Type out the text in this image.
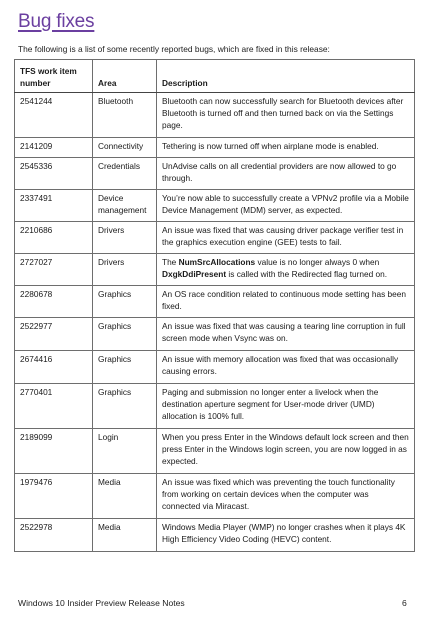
Bug fixes
The following is a list of some recently reported bugs, which are fixed in this release:
TFS work item number	Area	Description
2541244	Bluetooth	Bluetooth can now successfully search for Bluetooth devices after Bluetooth is turned off and then turned back on via the Settings page.
2141209	Connectivity	Tethering is now turned off when airplane mode is enabled.
2545336	Credentials	UnAdvise calls on all credential providers are now allowed to go through.
2337491	Device management	You’re now able to successfully create a VPNv2 profile via a Mobile Device Management (MDM) server, as expected.
2210686	Drivers	An issue was fixed that was causing driver package verifier test in the graphics execution engine (GEE) tests to fail.
2727027	Drivers	The NumSrcAllocations value is no longer always 0 when DxgkDdiPresent is called with the Redirected flag turned on.
2280678	Graphics	An OS race condition related to continuous mode setting has been fixed.
2522977	Graphics	An issue was fixed that was causing a tearing line corruption in full screen mode when Vsync was on.
2674416	Graphics	An issue with memory allocation was fixed that was occasionally causing errors.
2770401	Graphics	Paging and submission no longer enter a livelock when the destination aperture segment for User-mode driver (UMD) allocation is 100% full.
2189099	Login	When you press Enter in the Windows default lock screen and then press Enter in the Windows login screen, you are now logged in as expected.
1979476	Media	An issue was fixed which was preventing the touch functionality from working on certain devices when the computer was connected via Miracast.
2522978	Media	Windows Media Player (WMP) no longer crashes when it plays 4K High Efficiency Video Coding (HEVC) content.
Windows 10 Insider Preview Release Notes	6
